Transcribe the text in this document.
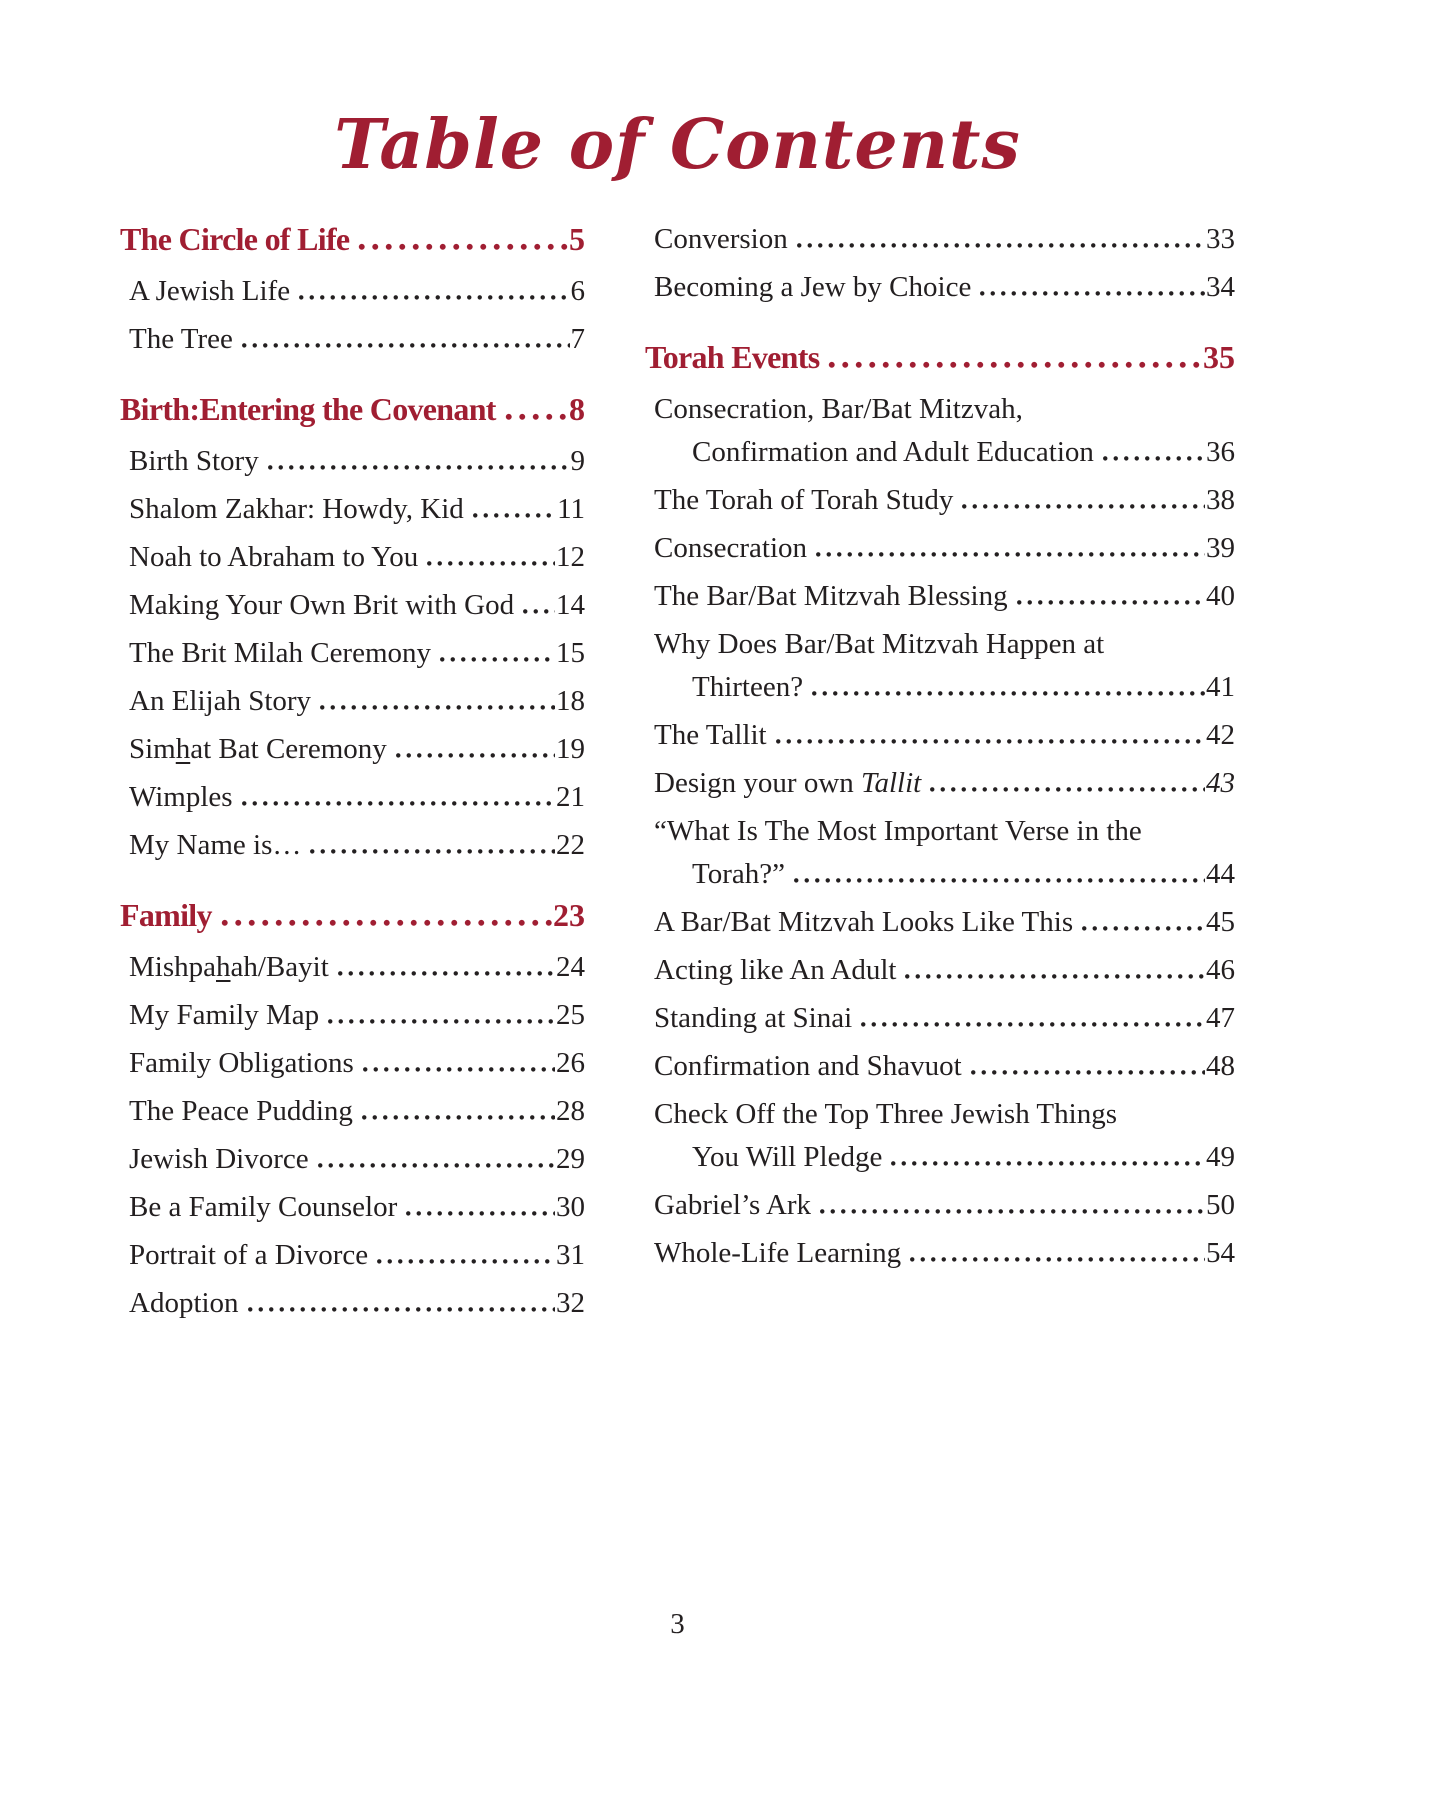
Table of Contents
The Circle of Life	5
A Jewish Life	6
The Tree	7
Birth:Entering the Covenant 8
Birth Story	9
Shalom Zakhar: Howdy, Kid	11
Noah to Abraham to You	12
Making Your Own Brit with God 14
The Brit Milah Ceremony	15
An Elijah Story	18
Simhat Bat Ceremony	19
Wimples	21
My Name is…	22
Family	23
Mishpahah/Bayit	24
My Family Map	25
Family Obligations	26
The Peace Pudding	28
Jewish Divorce	29
Be a Family Counselor	30
Portrait of a Divorce	31
Adoption	32
Conversion	33
Becoming a Jew by Choice	34
Torah Events	35
Consecration, Bar/Bat Mitzvah,
Confirmation and Adult Education	36
The Torah of Torah Study	38
Consecration	39
The Bar/Bat Mitzvah Blessing	40
Why Does Bar/Bat Mitzvah Happen at
Thirteen?	41
The Tallit	42
Design your own Tallit	43
“What Is The Most Important Verse in the
Torah?”	44
A Bar/Bat Mitzvah Looks Like This	45
Acting like An Adult	46
Standing at Sinai	47
Confirmation and Shavuot	48
Check Off the Top Three Jewish Things
You Will Pledge	49
Gabriel’s Ark	50
Whole-Life Learning	54
3
